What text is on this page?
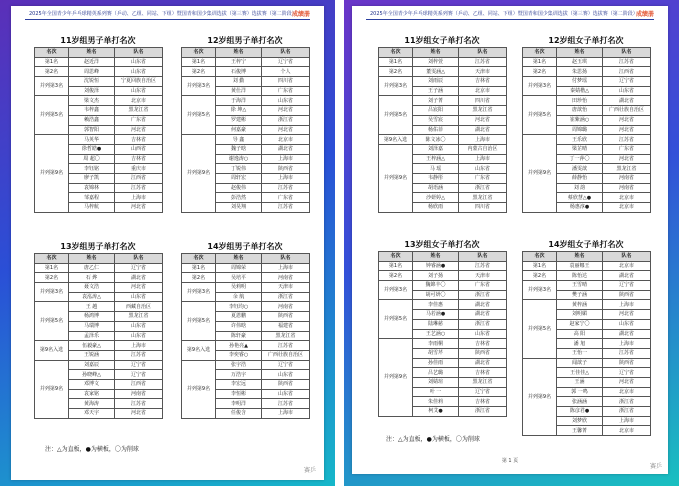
2025年全国青少年乒乓球精英系列赛（乒动、乙组、同站、下组）暨国青和国少集训选拔（第三赛）选拔赛（第二阶段）
成绩册
11岁组男子单打名次
名次	姓名	队名
第1名	赵近洋	山东省
第2名	周思峰	山东省
并列第3名	沈锐恒	宁夏回族自治区
	刘俊泽	山东省
并列第5名	梁文杰	北京市
	韦梓鑫	黑龙江省
	赖浩鑫	广东省
	郭智阳	河北省
并列第9名	马英华	吉林省
	徐哲皓●	山西省
	周 超〇	吉林省
	李钰铭	重庆市
	廖子凯	江西省
	袁锦林	江苏省
	邹嘉程	上海市
	马梓航	河北省
12岁组男子单打名次
名次	姓名	队名
第1名	王梓宁	辽宁省
第2名	石俊博	个人
并列第3名	刘 勤	四川省
	黄仕洋	广东省
并列第5名	于海洋	山东省
	徐 坤△	河北省
	罗建彬	浙江省
	何嘉豪	河北省
并列第9名	导 鑫	北京市
	魏子晗	湖北省
	谢逸涛○	上海市
	丁锐伟	陕西省
	周轩宏	上海市
	赵俊伟	江苏省
	彭浩然	广东省
	刘昊翔	江苏省
13岁组男子单打名次
名次	姓名	队名
第1名	唐乙仁	辽宁省
第2名	石 烨	湖北省
并列第3名	聂文浩	河北省
	袁泓涛△	山东省
并列第5名	王 越	西藏自治区
	杨鸿博	黑龙江省
	马瑞博	山东省
	孟泽乐	山东省
第9名入选	伍毅豪△	上海市
	王锐涵	江苏省
并列第9名	刘嘉辰	辽宁省
	孙晓峰△	辽宁省
	邓博文	江西省
	袁家铭	河南省
	黄海涛	江苏省
	邓天宇	河北省
14岁组男子单打名次
名次	姓名	队名
第1名	周锦荣	上海市
第2名	吴培平	河南省
并列第3名	吴莉明	天津市
	余 航	浙江省
并列第5名	李钰均○	河南省
	夏恩鹏	陕西省
	许伟晗	福建省
	陈轩豪	黑龙江省
第9名入选	孙艳亮▲	江苏省
	李奕睿○	广西壮族自治区
并列第9名	张宇浩	辽宁省
	万浩宇	山东省
	李宏远	陕西省
	李恒彬	山东省
	李明洋	江苏省
	任俊含	上海市
注：△为直板，●为横板，〇为削球
赛乒
2025年全国青少年乒乓球精英系列赛（乒动、乙组、同站、下组）暨国青和国少集训选拔（第三赛）选拔赛（第二阶段）
成绩册
11岁组女子单打名次
名次	姓名	队名
第1名	刘梓萱	江苏省
第2名	董雯涵△	天津市
并列第3名	刘雨辰	吉林省
	王子涵	北京市
并列第5名	刘子菁	四川省
	吕宸阳	黑龙江省
	吴雪宸	河北省
	杨佑菲	湖北省
第9名入选	陈文冰〇	上海市
并列第9名	刘泽嘉	内蒙古自治区
	王梓涵△	上海市
	马 瑶	山东省
	韦静彤	广东省
	胡语涵	浙江省
	沙妍婷△	黑龙江省
	杨欣雨	四川省
12岁组女子单打名次
名次	姓名	队名
第1名	赵玉琪	江苏省
第2名	朱思扬	江西省
并列第3名	付梦瑶	辽宁省
	秦婧楷△	山东省
并列第5名	田珍怡	湖北省
	唐歆怡	广西壮族自治区
	崔紫涵○	河北省
	周锦璐	河北省
并列第9名	王乐欣	江苏省
	梁芷晴	广东省
	丁一萍〇	河北省
	潘雯歆	黑龙江省
	薛静怡	河南省
	刘 韵	河南省
	蔡欣慧△●	北京市
	杨惠淳●	北京市
13岁组女子单打名次
名次	姓名	队名
第1名	钟睿涵●	江苏省
第2名	刘子扬	天津市
并列第3名	魏锦丰〇	广东省
	胡可妍〇	浙江省
并列第5名	李佳惠	湖北省
	马若涵●	湖北省
	陆琳慈	浙江省
	王艺涵○	山东省
并列第9名	李雨桐	吉林省
	胡雪芹	陕西省
	孙佳雨	湖北省
	吕艺璐	吉林省
	刘婧瑄	黑龙江省
	叶 一	辽宁省
	朱佳莉	吉林省
	柯艾●	浙江省
14岁组女子单打名次
名次	姓名	队名
第1名	袁丽娜王	北京市
第2名	陈怡达	湖北省
并列第3名	王雪晴	辽宁省
	樊子涵	陕西省
并列第5名	黄梓涵	上海市
	刘明媚	河北省
	赵家宁〇	山东省
	高 阳	湖北省
	潘 旭	上海市
	王怡一	江苏省
并列第9名	闻歆子	陕西省
	王佳佳△	辽宁省
	王涵	河北省
	郭 一鸣	北京市
	张涵涵	浙江省
	陈彦君●	浙江省
	刘梦欣	上海市
	王馨菁	北京市
注：△为直板，●为横板，〇为削球
第 1 页
赛乒
